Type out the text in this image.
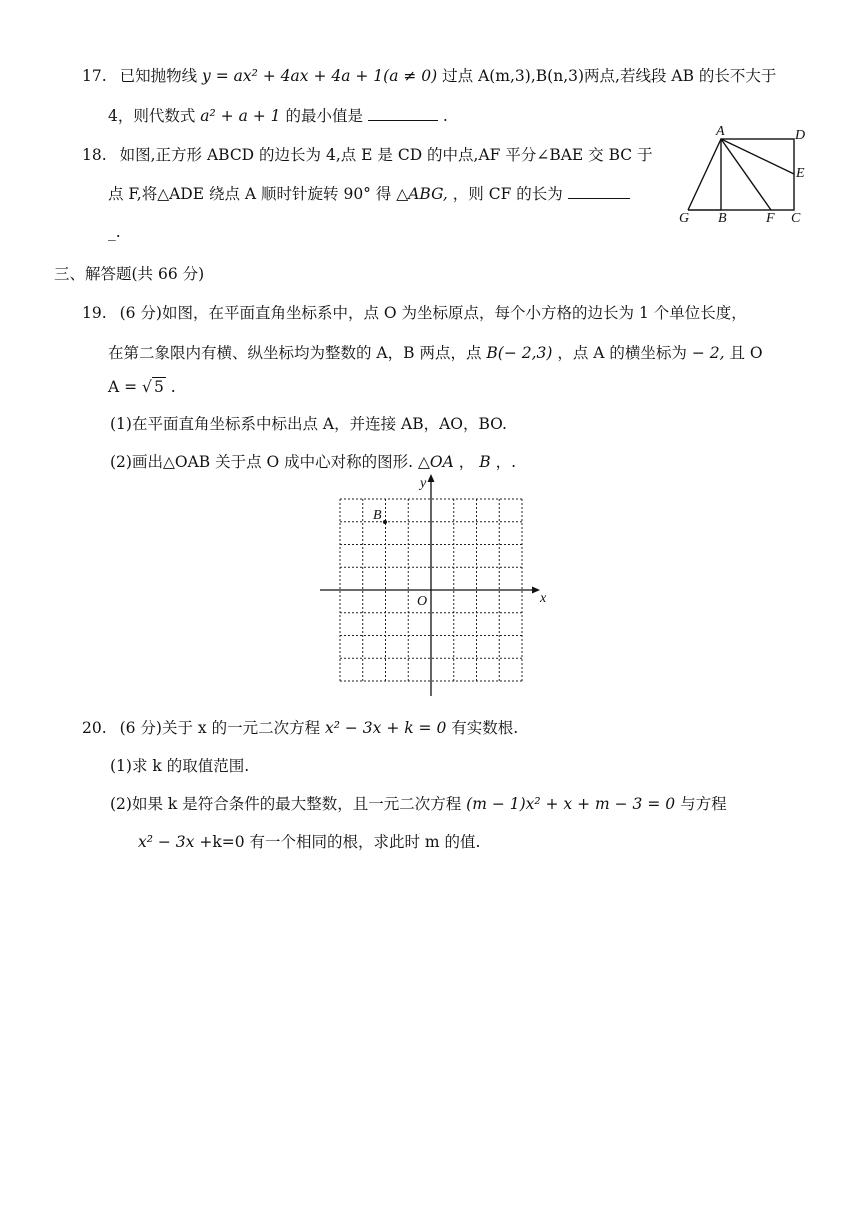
17. 已知抛物线 y = ax² + 4ax + 4a + 1(a ≠ 0) 过点 A(m,3),B(n,3)两点,若线段 AB 的长不大于
4，则代数式 a² + a + 1 的最小值是	.
18. 如图,正方形 ABCD 的边长为 4,点 E 是 CD 的中点,AF 平分∠BAE 交 BC 于
点 F,将△ADE 绕点 A 顺时针旋转 90° 得 △ABG, ，则 CF 的长为
_.
A	D
E
G B	F C
三、解答题(共 66 分)
19. (6 分)如图，在平面直角坐标系中，点 O 为坐标原点，每个小方格的边长为 1 个单位长度，
在第二象限内有横、纵坐标均为整数的 A，B 两点，点 B(− 2,3) ，点 A 的横坐标为 − 2, 且 O
A = √ 5 .
(1)在平面直角坐标系中标出点 A，并连接 AB，AO，BO.
(2)画出△OAB 关于点 O 成中心对称的图形. △OA ， B ，.
x
y
O
B
20. (6 分)关于 x 的一元二次方程 x² − 3x + k = 0 有实数根.
(1)求 k 的取值范围.
(2)如果 k 是符合条件的最大整数，且一元二次方程 (m − 1)x² + x + m − 3 = 0 与方程
x² − 3x +k=0 有一个相同的根，求此时 m 的值.
